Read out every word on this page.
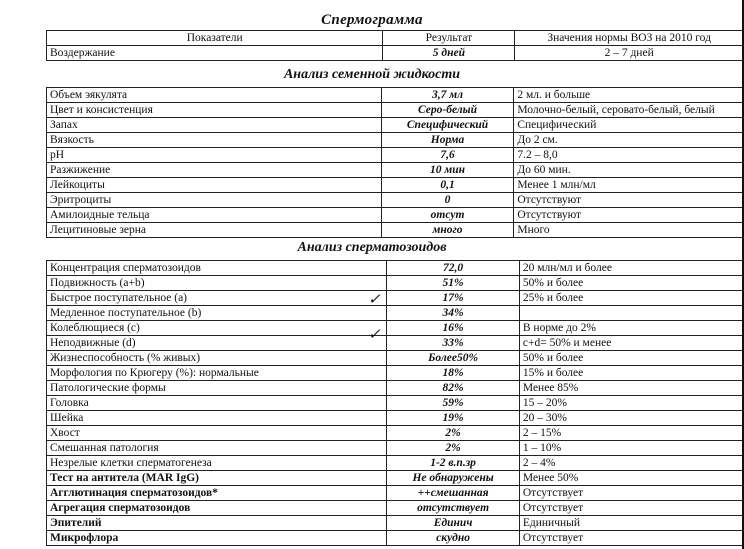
Спермограмма
Показатели	Результат	Значения нормы ВОЗ на 2010 год
Воздержание	5 дней	2 – 7 дней
Анализ семенной жидкости
Объем эякулята	3,7 мл	2 мл. и больше
Цвет и консистенция	Серо-белый	Молочно-белый, серовато-белый, белый
Запах	Специфический	Специфический
Вязкость	Норма	До 2 см.
pH	7,6	7.2 – 8,0
Разжижение	10 мин	До 60 мин.
Лейкоциты	0,1	Менее 1 млн/мл
Эритроциты	0	Отсутствуют
Амилоидные тельца	отсут	Отсутствуют
Лецитиновые зерна	много	Много
Анализ сперматозоидов
Концентрация сперматозоидов	72,0	20 млн/мл и более
Подвижность (a+b)	51%	50% и более
Быстрое поступательное (a)	17%	25% и более
Медленное поступательное (b)	34%	
Колеблющиеся (c)	16%	В норме до 2%
Неподвижные (d)	33%	c+d= 50% и менее
Жизнеспособность (% живых)	Более50%	50% и более
Морфология по Крюгеру (%): нормальные	18%	15% и более
Патологические формы	82%	Менее 85%
Головка	59%	15 – 20%
Шейка	19%	20 – 30%
Хвост	2%	2 – 15%
Смешанная патология	2%	1 – 10%
Незрелые клетки сперматогенеза	1-2 в.п.зр	2 – 4%
Тест на антитела (MAR IgG)	Не обнаружены	Менее 50%
Агглютинация сперматозоидов*	++смешанная	Отсутствует
Агрегация сперматозоидов	отсутствует	Отсутствует
Эпителий	Единич	Единичный
Микрофлора	скудно	Отсутствует
✓
✓
